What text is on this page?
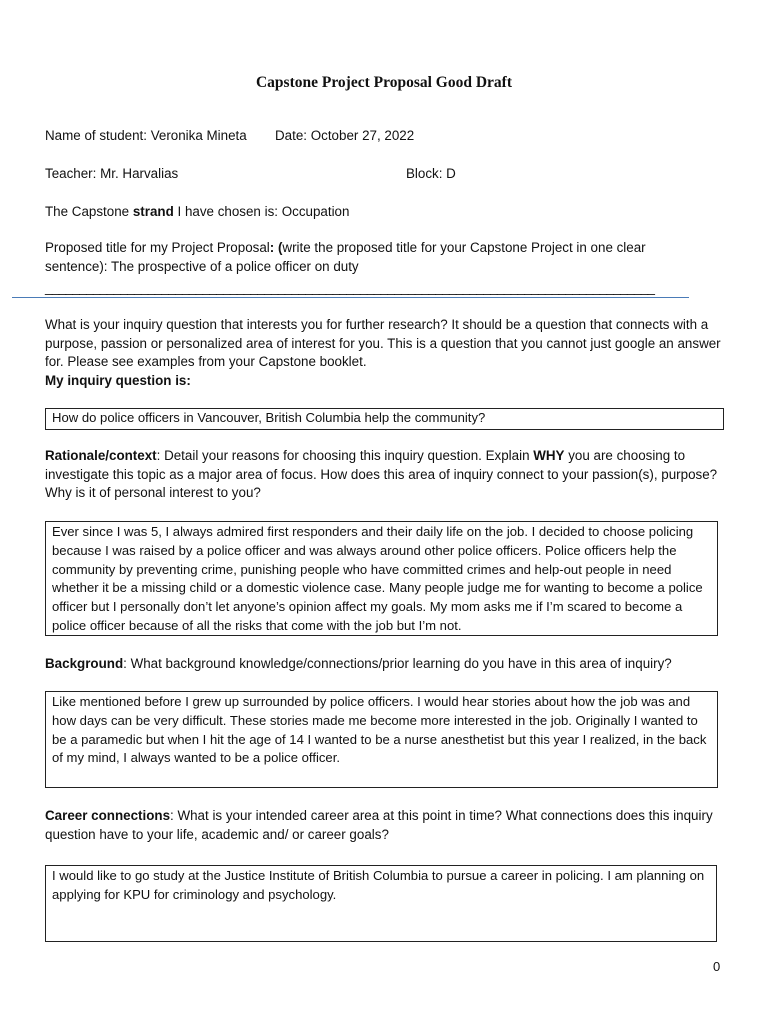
Capstone Project Proposal Good Draft
Name of student: Veronika Mineta Date: October 27, 2022
Teacher: Mr. Harvalias	Block: D
The Capstone strand I have chosen is: Occupation
Proposed title for my Project Proposal: (write the proposed title for your Capstone Project in one clear sentence): The prospective of a police officer on duty
_________________________________________________________________________________________
What is your inquiry question that interests you for further research? It should be a question that connects with a purpose, passion or personalized area of interest for you. This is a question that you cannot just google an answer for. Please see examples from your Capstone booklet.
My inquiry question is:
How do police officers in Vancouver, British Columbia help the community?
Rationale/context: Detail your reasons for choosing this inquiry question. Explain WHY you are choosing to investigate this topic as a major area of focus. How does this area of inquiry connect to your passion(s), purpose? Why is it of personal interest to you?
Ever since I was 5, I always admired first responders and their daily life on the job. I decided to choose policing because I was raised by a police officer and was always around other police officers. Police officers help the community by preventing crime, punishing people who have committed crimes and help-out people in need whether it be a missing child or a domestic violence case. Many people judge me for wanting to become a police officer but I personally don’t let anyone’s opinion affect my goals. My mom asks me if I’m scared to become a police officer because of all the risks that come with the job but I’m not.
Background: What background knowledge/connections/prior learning do you have in this area of inquiry?
Like mentioned before I grew up surrounded by police officers. I would hear stories about how the job was and how days can be very difficult. These stories made me become more interested in the job. Originally I wanted to be a paramedic but when I hit the age of 14 I wanted to be a nurse anesthetist but this year I realized, in the back of my mind, I always wanted to be a police officer.
Career connections: What is your intended career area at this point in time? What connections does this inquiry question have to your life, academic and/ or career goals?
I would like to go study at the Justice Institute of British Columbia to pursue a career in policing. I am planning on applying for KPU for criminology and psychology.
0
